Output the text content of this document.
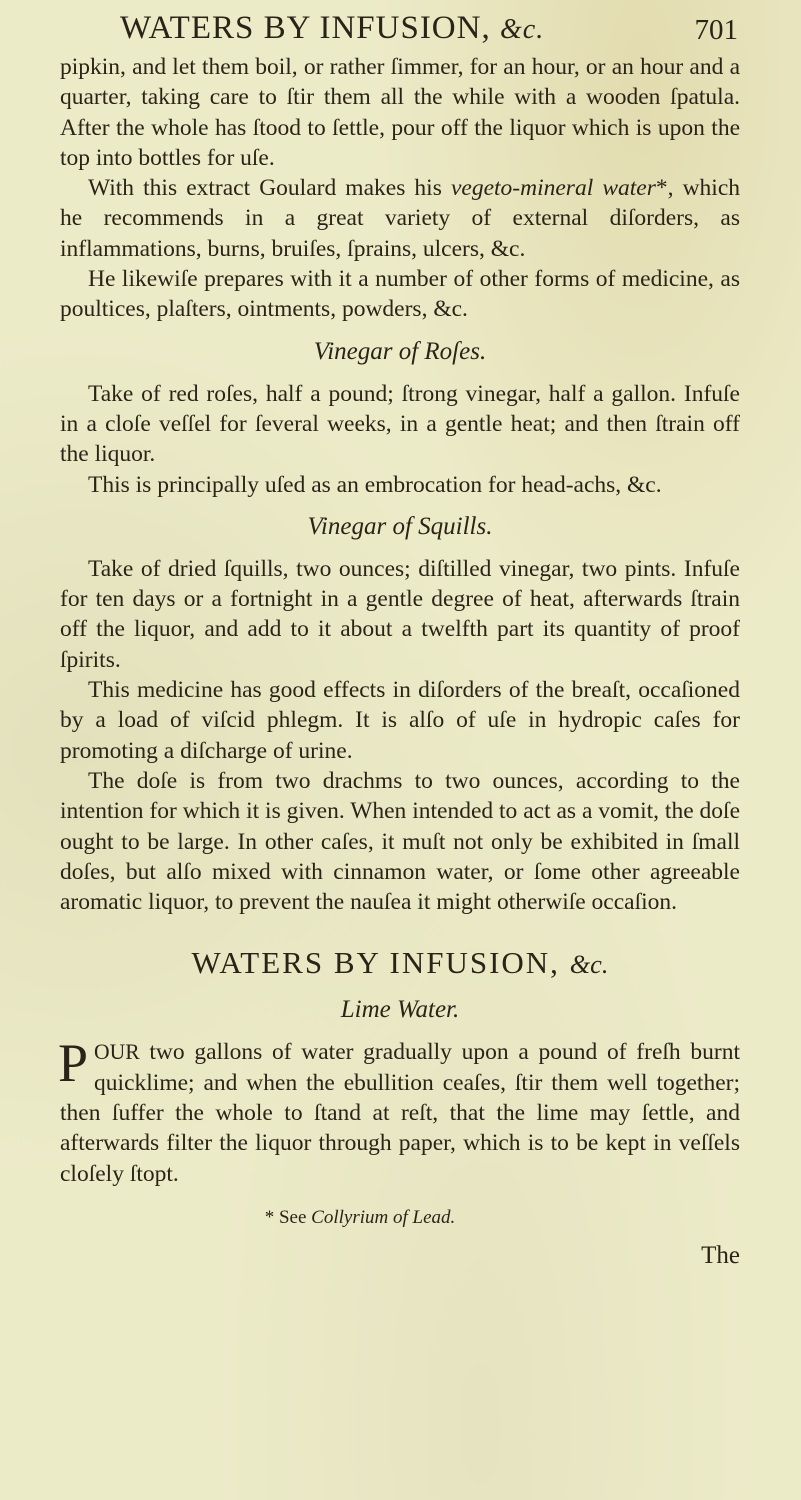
WATERS BY INFUSION, &c.	701

pipkin, and let them boil, or rather ſimmer, for an hour, or an hour and a quarter, taking care to ſtir them all the while with a wooden ſpatula. After the whole has ſtood to ſettle, pour off the liquor which is upon the top into bottles for uſe.

With this extract Goulard makes his vegeto-mineral water*, which he recommends in a great variety of external diſorders, as inflammations, burns, bruiſes, ſprains, ulcers, &c.

He likewiſe prepares with it a number of other forms of medicine, as poultices, plaſters, ointments, powders, &c.

Vinegar of Roſes.

Take of red roſes, half a pound; ſtrong vinegar, half a gallon. Infuſe in a cloſe veſſel for ſeveral weeks, in a gentle heat; and then ſtrain off the liquor.

This is principally uſed as an embrocation for head-achs, &c.

Vinegar of Squills.

Take of dried ſquills, two ounces; diſtilled vinegar, two pints. Infuſe for ten days or a fortnight in a gentle degree of heat, afterwards ſtrain off the liquor, and add to it about a twelfth part its quantity of proof ſpirits.

This medicine has good effects in diſorders of the breaſt, occaſioned by a load of viſcid phlegm. It is alſo of uſe in hydropic caſes for promoting a diſcharge of urine.

The doſe is from two drachms to two ounces, according to the intention for which it is given. When intended to act as a vomit, the doſe ought to be large. In other caſes, it muſt not only be exhibited in ſmall doſes, but alſo mixed with cinnamon water, or ſome other agreeable aromatic liquor, to prevent the nauſea it might otherwiſe occaſion.

WATERS BY INFUSION, &c.
Lime Water.

POUR two gallons of water gradually upon a pound of freſh burnt quicklime; and when the ebullition ceaſes, ſtir them well together; then ſuffer the whole to ſtand at reſt, that the lime may ſettle, and afterwards filter the liquor through paper, which is to be kept in veſſels cloſely ſtopt.

* See Collyrium of Lead.
The
